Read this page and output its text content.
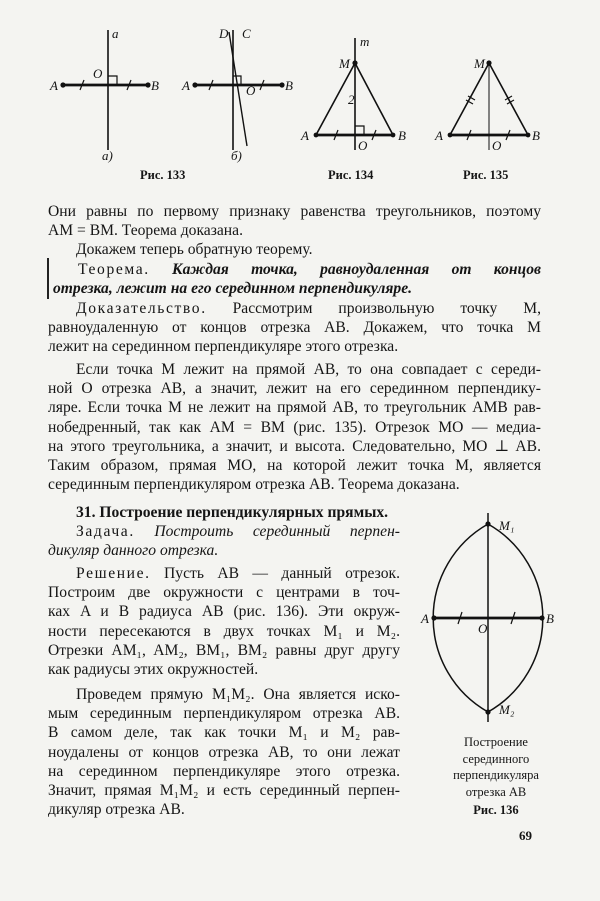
a
A	B
O
a)
D C
A	B
O
б)
Рис. 133
m
M
2
A	B
O
Рис. 134
M
A	B
O
Рис. 135
Они равны по первому признаку равенства треугольников, поэтому
AM = BM. Теорема доказана.
Докажем теперь обратную теорему.
Теорема. Каждая точка, равноудаленная от концов
отрезка, лежит на его серединном перпендикуляре.
Доказательство. Рассмотрим произвольную точку M,
равноудаленную от концов отрезка AB. Докажем, что точка M
лежит на серединном перпендикуляре этого отрезка.
Если точка M лежит на прямой AB, то она совпадает с середи-
ной O отрезка AB, а значит, лежит на его серединном перпендику-
ляре. Если точка M не лежит на прямой AB, то треугольник AMB рав-
нобедренный, так как AM = BM (рис. 135). Отрезок MO — медиа-
на этого треугольника, а значит, и высота. Следовательно, MO ⊥ AB.
Таким образом, прямая MO, на которой лежит точка M, является
серединным перпендикуляром отрезка AB. Теорема доказана.
31. Построение перпендикулярных прямых.
Задача. Построить серединный перпен-
дикуляр данного отрезка.
Решение. Пусть AB — данный отрезок.
Построим две окружности с центрами в точ-
ках A и B радиуса AB (рис. 136). Эти окруж-
ности пересекаются в двух точках M₁ и M₂.
Отрезки AM₁, AM₂, BM₁, BM₂ равны друг другу
как радиусы этих окружностей.
Проведем прямую M₁M₂. Она является иско-
мым серединным перпендикуляром отрезка AB.
В самом деле, так как точки M₁ и M₂ рав-
ноудалены от концов отрезка AB, то они лежат
на серединном перпендикуляре этого отрезка.
Значит, прямая M₁M₂ и есть серединный перпен-
дикуляр отрезка AB.
M₁
M₂
A	B
O
Построение
серединного
перпендикуляра
отрезка AB
Рис. 136
69
